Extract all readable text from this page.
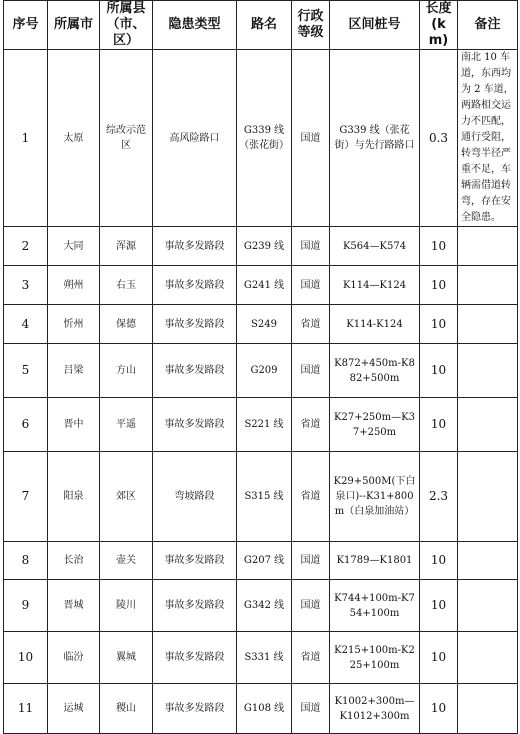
序号	所属市	所属县（市、区）	隐患类型	路名	行政等级	区间桩号	长度(km)	备注
1	太原	综改示范区	高风险路口	G339 线（张花街）	国道	G339 线（张花街）与先行路路口	0.3	南北 10 车道，东西均为 2 车道，两路相交运力不匹配，通行受阻，转弯半径严重不足，车辆需借道转弯，存在安全隐患。
2	大同	浑源	事故多发路段	G239 线	国道	K564—K574	10	
3	朔州	右玉	事故多发路段	G241 线	国道	K114—K124	10	
4	忻州	保德	事故多发路段	S249	省道	K114-K124	10	
5	吕梁	方山	事故多发路段	G209	国道	K872+450m-K882+500m	10	
6	晋中	平遥	事故多发路段	S221 线	省道	K27+250m—K37+250m	10	
7	阳泉	郊区	弯坡路段	S315 线	省道	K29+500M(下白泉口)--K31+800m（白泉加油站）	2.3	
8	长治	壶关	事故多发路段	G207 线	国道	K1789—K1801	10	
9	晋城	陵川	事故多发路段	G342 线	国道	K744+100m-K754+100m	10	
10	临汾	翼城	事故多发路段	S331 线	省道	K215+100m-K225+100m	10	
11	运城	稷山	事故多发路段	G108 线	国道	K1002+300m—K1012+300m	10	
